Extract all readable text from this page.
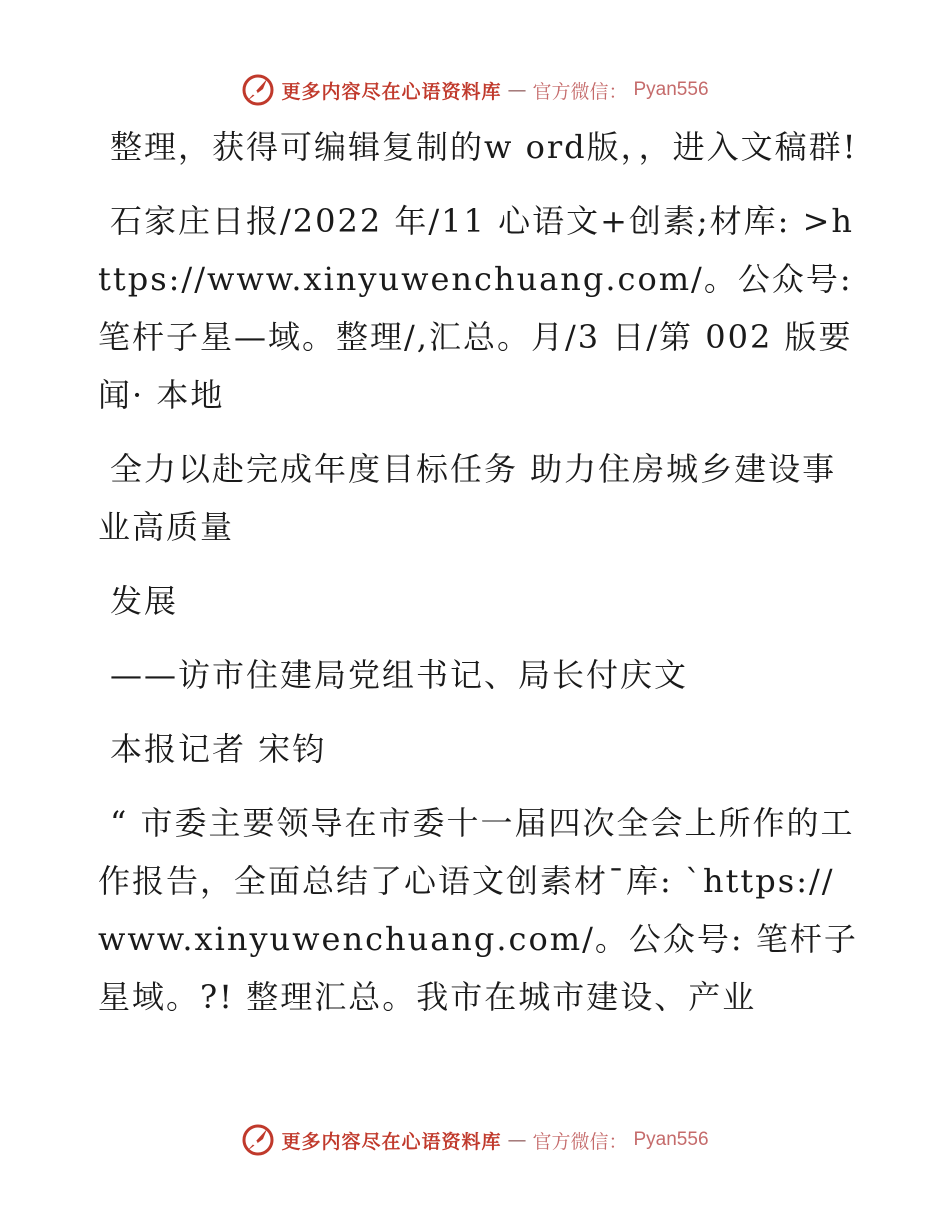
更多内容尽在心语资料库 — 官方微信： Pyan556

整理，获得可编辑复制的w ord版，，进入文稿群!

石家庄日报/2022 年/11 心语文+创素;材库: >https://www.xinyuwenchuang.com/。公众号: 笔杆子星—域。整理/,汇总。月/3 日/第 002 版要闻· 本地

全力以赴完成年度目标任务 助力住房城乡建设事业高质量

发展

——访市住建局党组书记、局长付庆文

本报记者 宋钧

“ 市委主要领导在市委十一届四次全会上所作的工作报告，全面总结了心语文创素材¯库: `https://www.xinyuwenchuang.com/。公众号: 笔杆子星域。?! 整理汇总。我市在城市建设、产业

更多内容尽在心语资料库 — 官方微信： Pyan556
